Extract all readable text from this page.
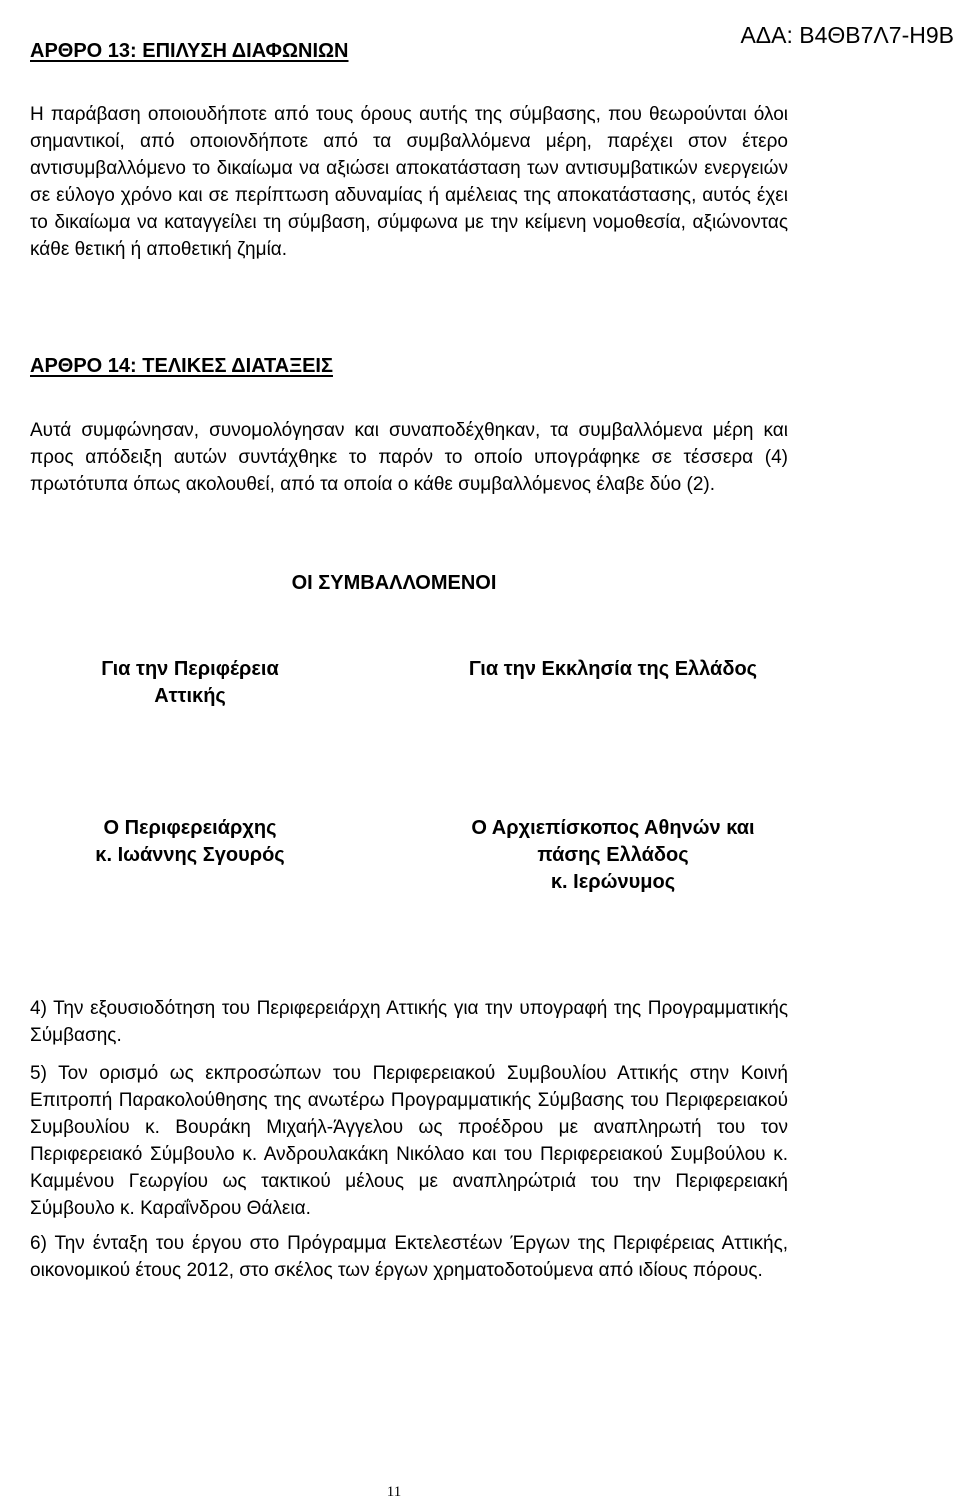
ΑΔΑ: Β4ΘΒ7Λ7-Η9Β
ΑΡΘΡΟ 13: ΕΠΙΛΥΣΗ ΔΙΑΦΩΝΙΩΝ

Η παράβαση οποιουδήποτε από τους όρους αυτής της σύμβασης, που θεωρούνται όλοι σημαντικοί, από οποιονδήποτε από τα συμβαλλόμενα μέρη, παρέχει στον έτερο αντισυμβαλλόμενο το δικαίωμα να αξιώσει αποκατάσταση των αντισυμβατικών ενεργειών σε εύλογο χρόνο και σε περίπτωση αδυναμίας ή αμέλειας της αποκατάστασης, αυτός έχει το δικαίωμα να καταγγείλει τη σύμβαση, σύμφωνα με την κείμενη νομοθεσία, αξιώνοντας κάθε θετική ή αποθετική ζημία.

ΑΡΘΡΟ 14: ΤΕΛΙΚΕΣ ΔΙΑΤΑΞΕΙΣ

Αυτά συμφώνησαν, συνομολόγησαν και συναποδέχθηκαν, τα συμβαλλόμενα μέρη και προς απόδειξη αυτών συντάχθηκε το παρόν το οποίο υπογράφηκε σε τέσσερα (4) πρωτότυπα όπως ακολουθεί, από τα οποία ο κάθε συμβαλλόμενος έλαβε δύο (2).

ΟΙ ΣΥΜΒΑΛΛΟΜΕΝΟΙ
Για την Περιφέρεια
Αττικής
Για την Εκκλησία της Ελλάδος
Ο Περιφερειάρχης
κ. Ιωάννης Σγουρός
Ο Αρχιεπίσκοπος Αθηνών και
πάσης Ελλάδος
κ. Ιερώνυμος

4) Την εξουσιοδότηση του Περιφερειάρχη Αττικής για την υπογραφή της Προγραμματικής Σύμβασης.

5) Τον ορισμό ως εκπροσώπων του Περιφερειακού Συμβουλίου Αττικής στην Κοινή Επιτροπή Παρακολούθησης της ανωτέρω Προγραμματικής Σύμβασης του Περιφερειακού Συμβουλίου κ. Βουράκη Μιχαήλ-Άγγελου ως προέδρου με αναπληρωτή του τον Περιφερειακό Σύμβουλο κ. Ανδρουλακάκη Νικόλαο και του Περιφερειακού Συμβούλου κ. Καμμένου Γεωργίου ως τακτικού μέλους με αναπληρώτριά του την Περιφερειακή Σύμβουλο κ. Καραΐνδρου Θάλεια.

6) Την ένταξη του έργου στο Πρόγραμμα Εκτελεστέων Έργων της Περιφέρειας Αττικής, οικονομικού έτους 2012, στο σκέλος των έργων χρηματοδοτούμενα από ιδίους πόρους.

11
